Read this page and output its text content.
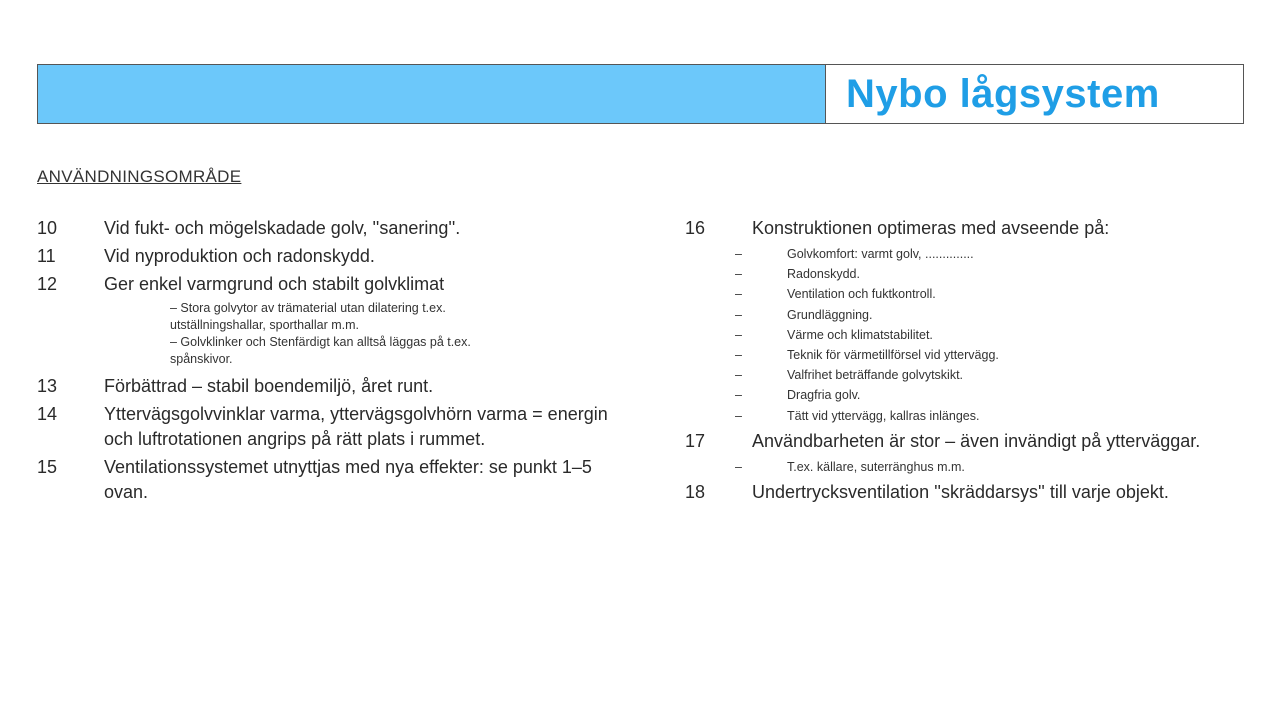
Nybo lågsystem
ANVÄNDNINGSOMRÅDE
10	Vid fukt- och mögelskadade golv, ''sanering''.
11	Vid nyproduktion och radonskydd.
12	Ger enkel varmgrund och stabilt golvklimat
– Stora golvytor av trämaterial utan dilatering t.ex.
utställningshallar, sporthallar m.m.
– Golvklinker och Stenfärdigt kan alltså läggas på t.ex.
spånskivor.
13	Förbättrad – stabil boendemiljö, året runt.
14	Yttervägsgolvvinklar varma, yttervägsgolvhörn varma = energin och luftrotationen angrips på rätt plats i rummet.
15	Ventilationssystemet utnyttjas med nya effekter: se punkt 1–5 ovan.
16	Konstruktionen optimeras med avseende på:
–	Golvkomfort: varmt golv, ..............
–	Radonskydd.
–	Ventilation och fuktkontroll.
–	Grundläggning.
–	Värme och klimatstabilitet.
–	Teknik för värmetillförsel vid yttervägg.
–	Valfrihet beträffande golvytskikt.
–	Dragfria golv.
–	Tätt vid yttervägg, kallras inlänges.
17	Användbarheten är stor – även invändigt på ytterväggar.
–	T.ex. källare, suterränghus m.m.
18	Undertrycksventilation ''skräddarsys'' till varje objekt.
